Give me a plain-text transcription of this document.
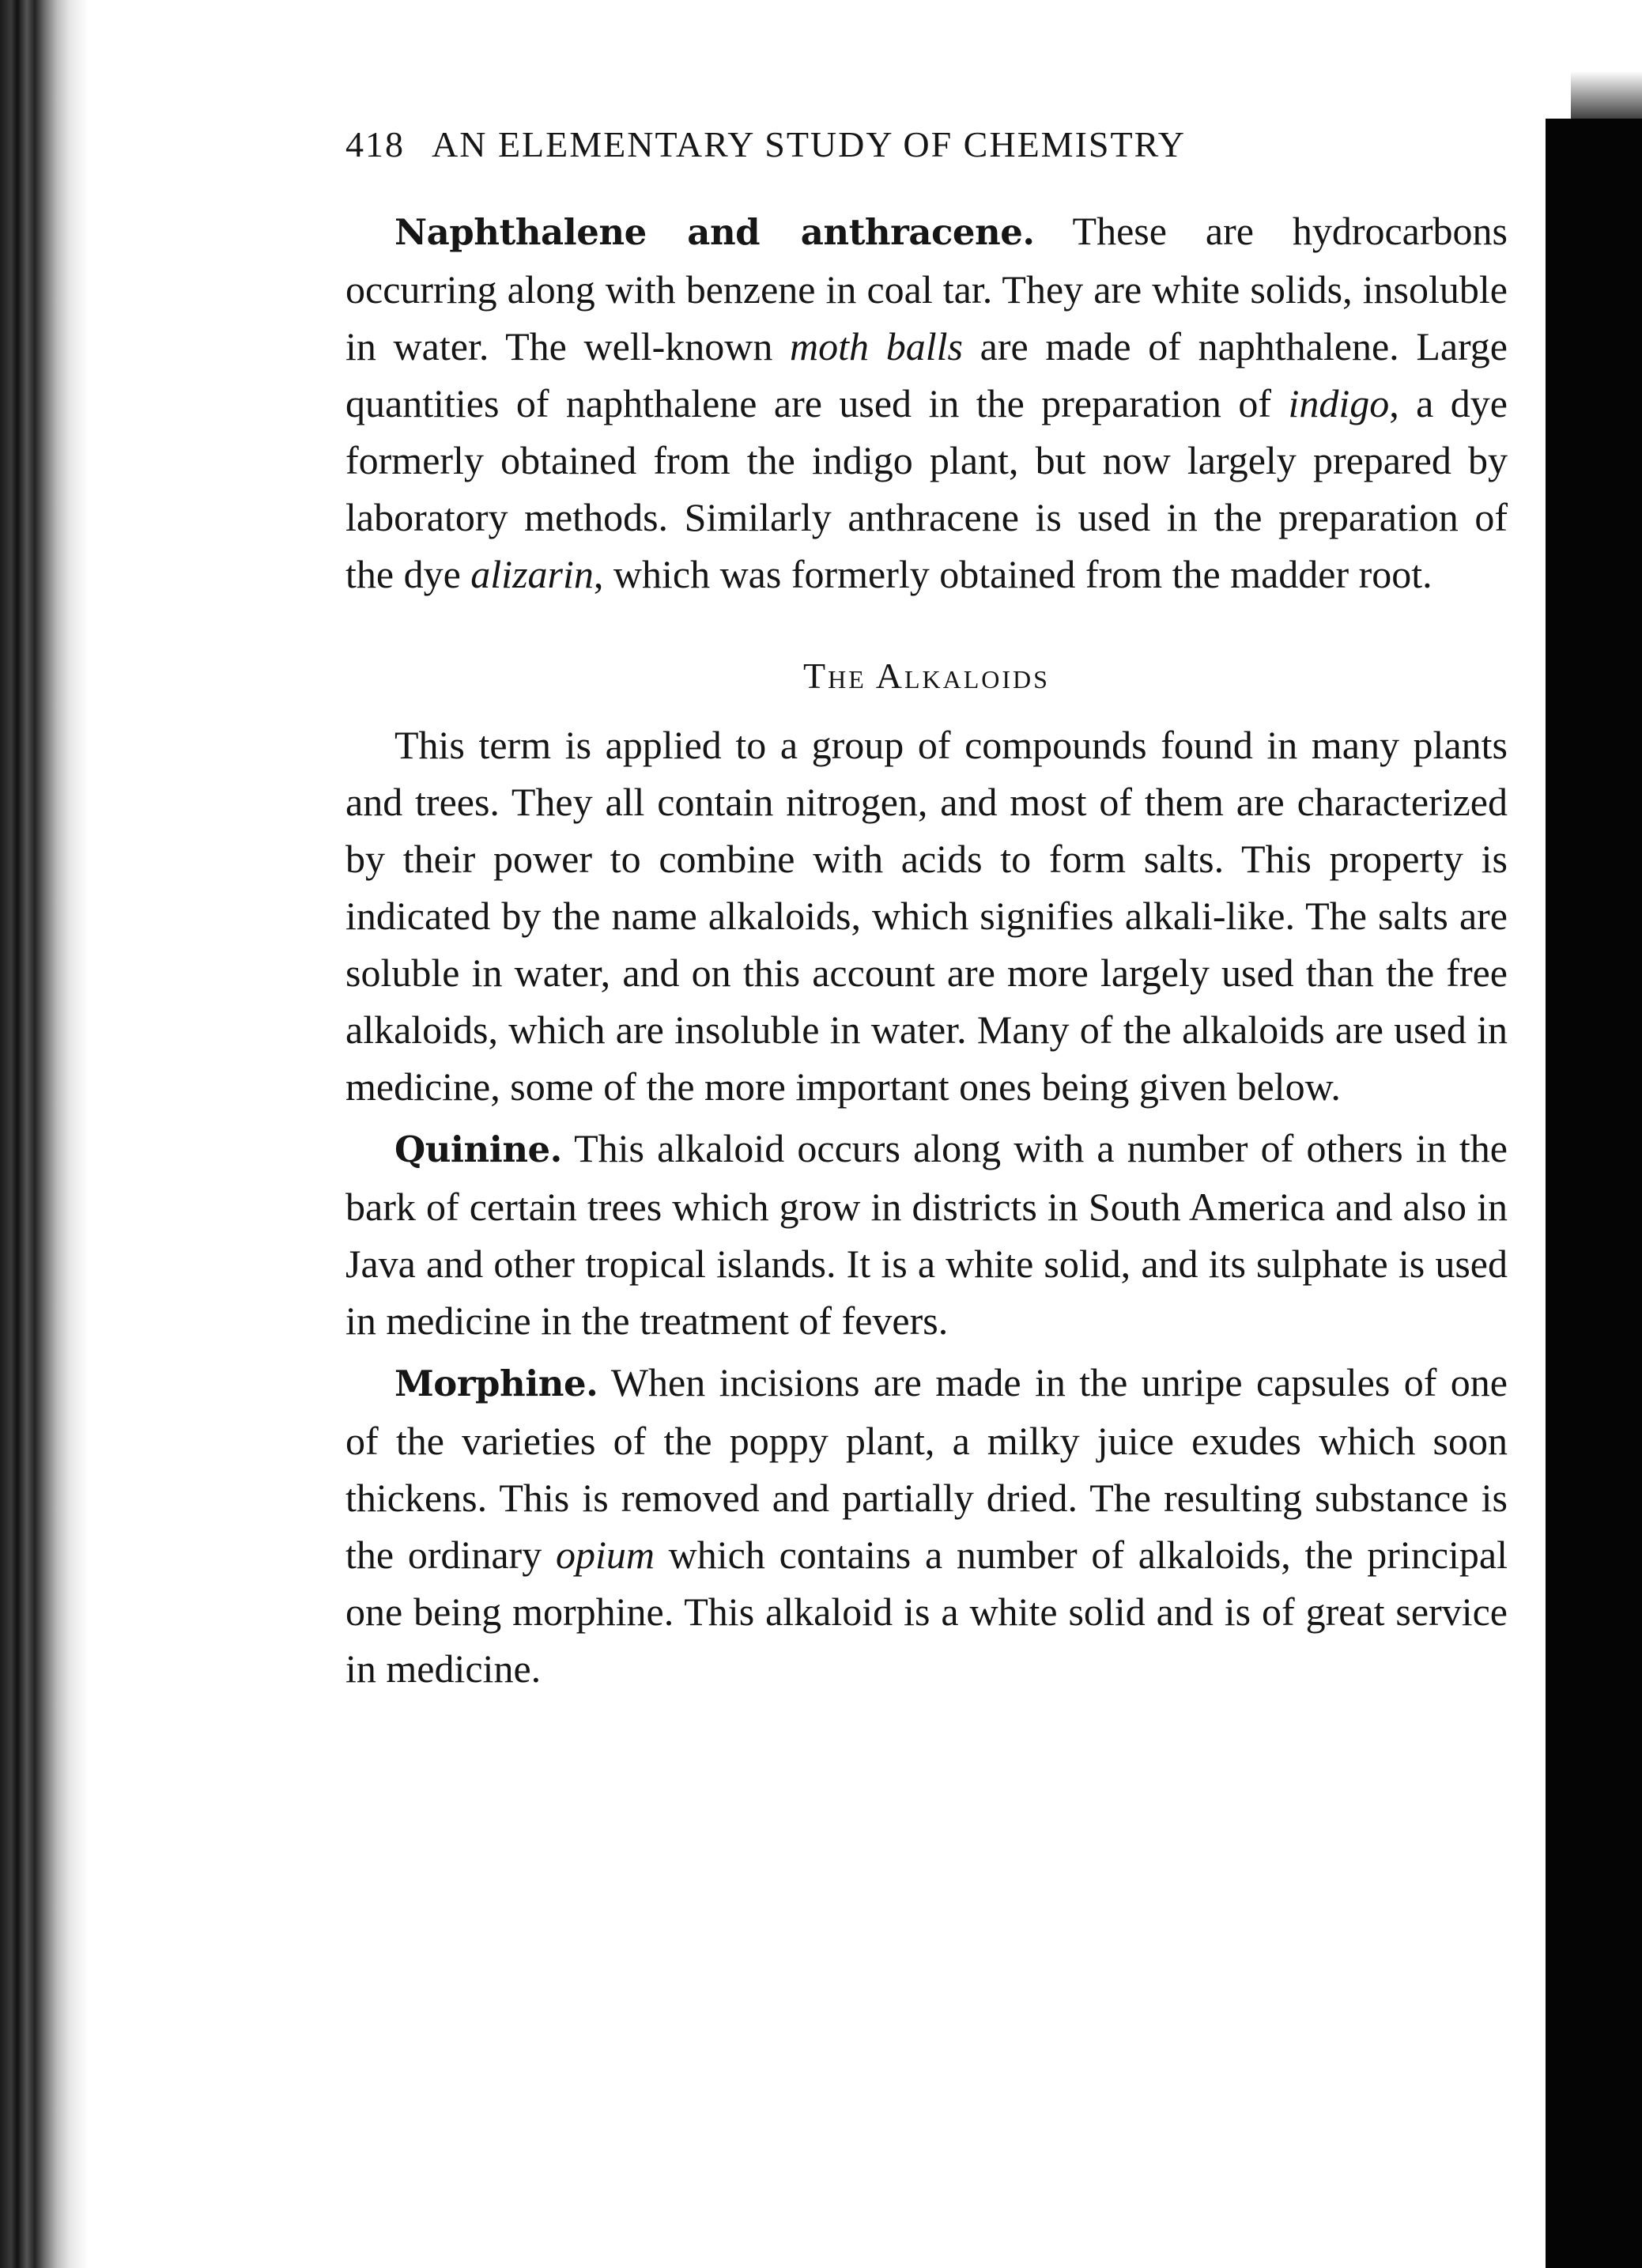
418 AN ELEMENTARY STUDY OF CHEMISTRY

Naphthalene and anthracene. These are hydrocarbons occurring along with benzene in coal tar. They are white solids, insoluble in water. The well-known moth balls are made of naphthalene. Large quantities of naphthalene are used in the preparation of indigo, a dye formerly obtained from the indigo plant, but now largely prepared by laboratory methods. Similarly anthracene is used in the preparation of the dye alizarin, which was formerly obtained from the madder root.

The Alkaloids

This term is applied to a group of compounds found in many plants and trees. They all contain nitrogen, and most of them are characterized by their power to combine with acids to form salts. This property is indicated by the name alkaloids, which signifies alkali-like. The salts are soluble in water, and on this account are more largely used than the free alkaloids, which are insoluble in water. Many of the alkaloids are used in medicine, some of the more important ones being given below.

Quinine. This alkaloid occurs along with a number of others in the bark of certain trees which grow in districts in South America and also in Java and other tropical islands. It is a white solid, and its sulphate is used in medicine in the treatment of fevers.

Morphine. When incisions are made in the unripe capsules of one of the varieties of the poppy plant, a milky juice exudes which soon thickens. This is removed and partially dried. The resulting substance is the ordinary opium which contains a number of alkaloids, the principal one being morphine. This alkaloid is a white solid and is of great service in medicine.
